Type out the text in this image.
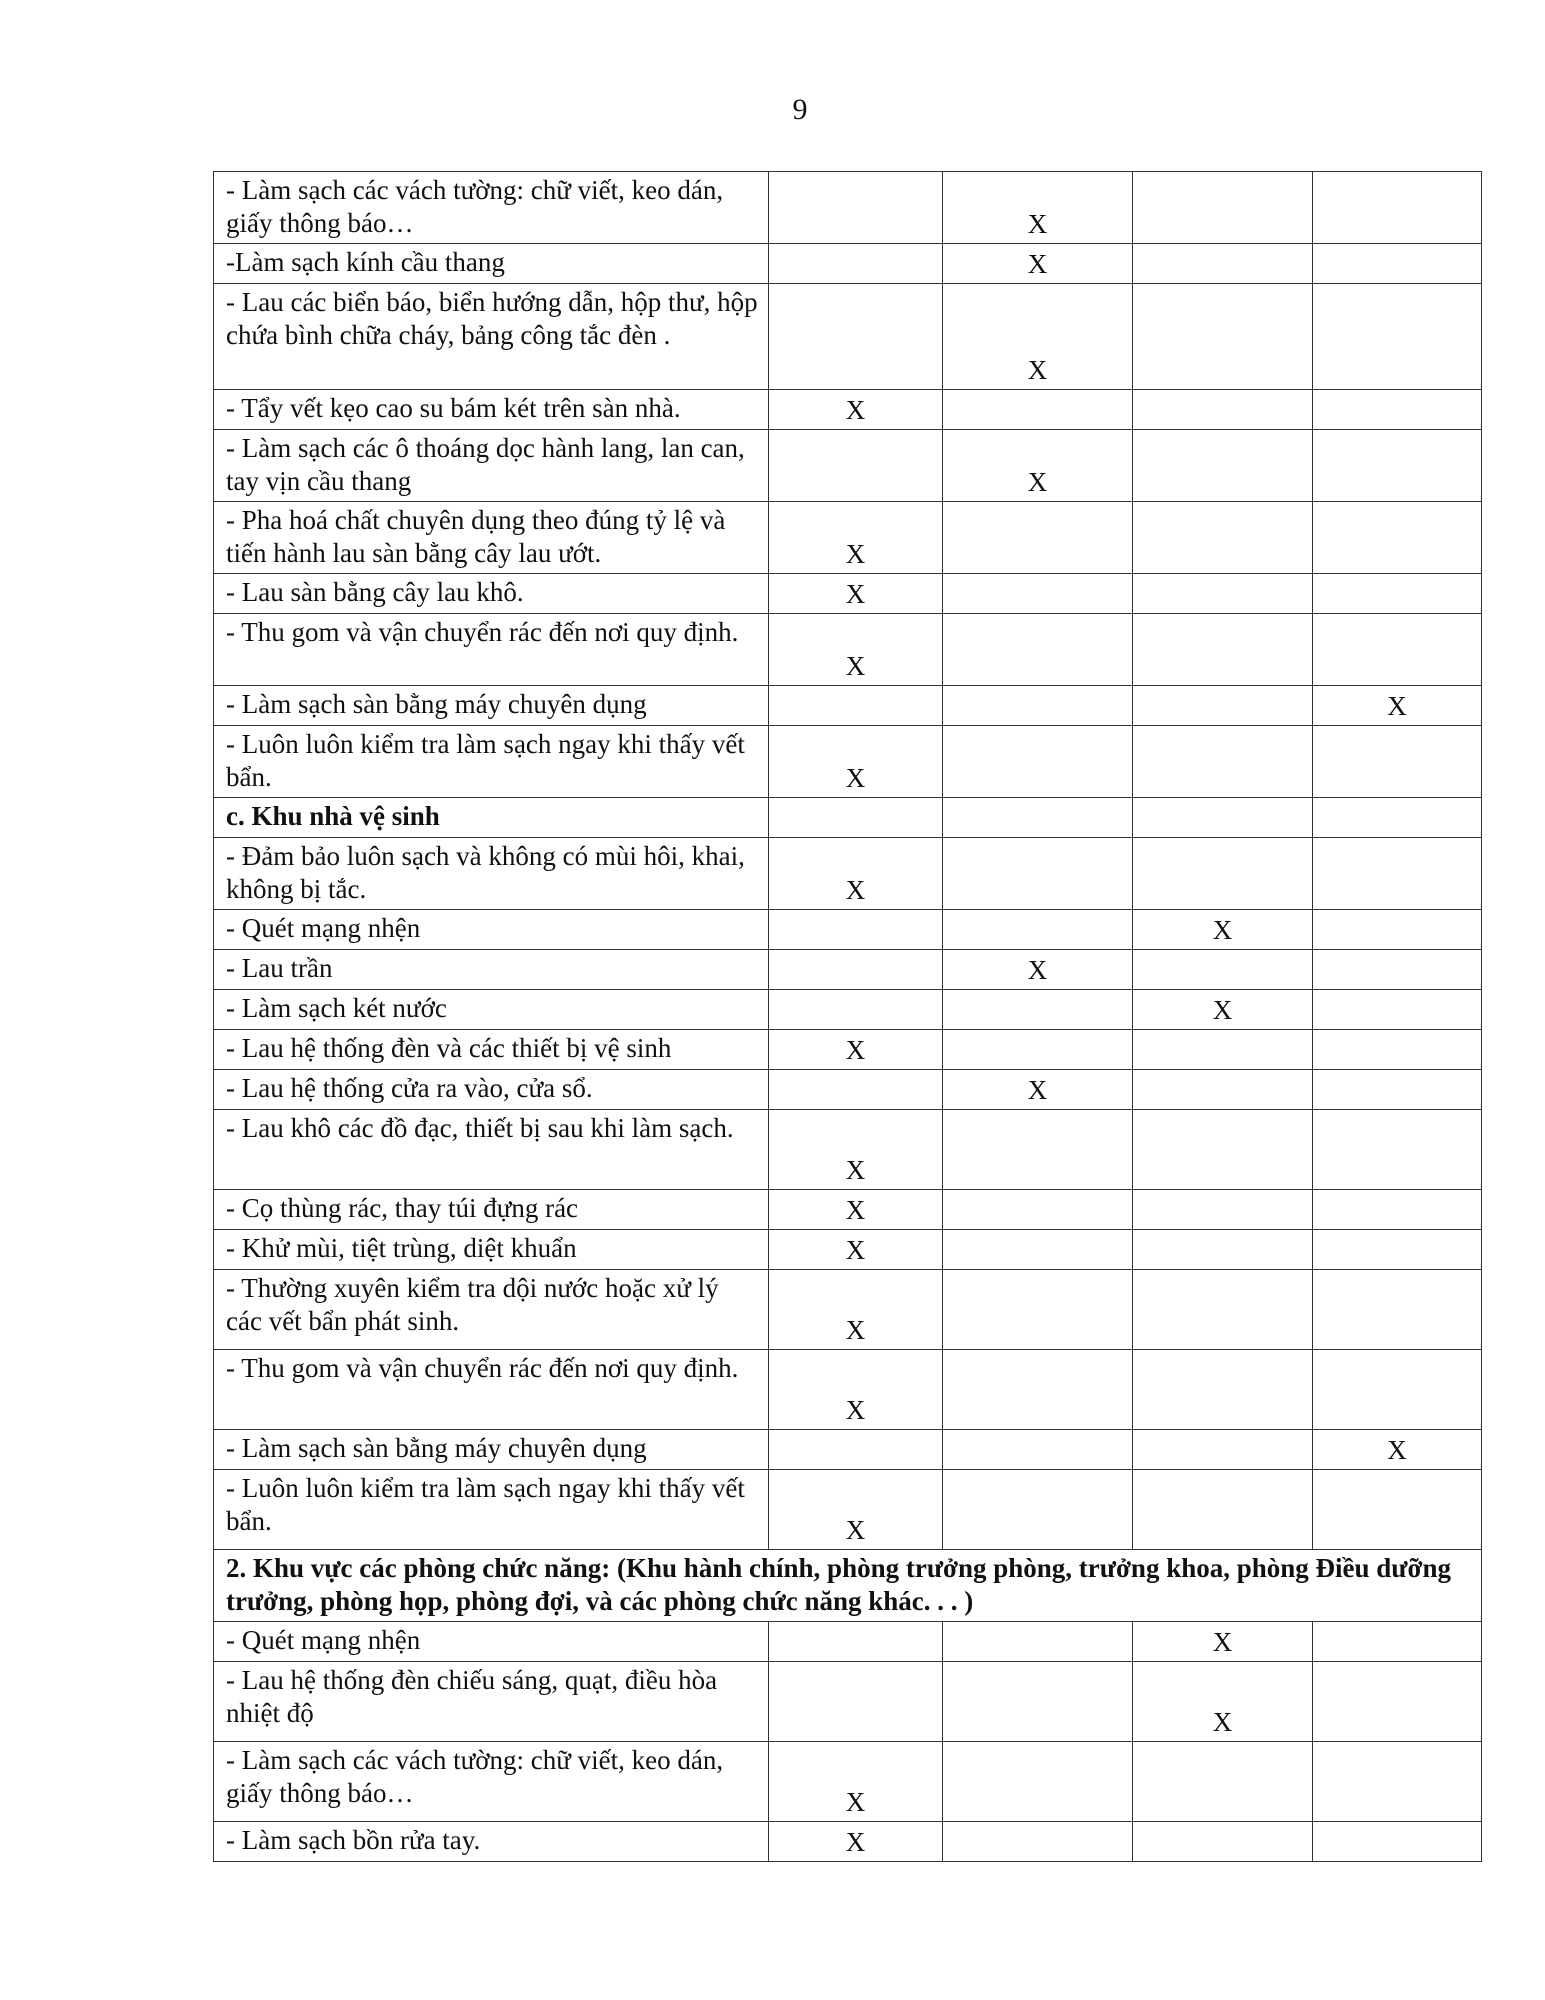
9
- Làm sạch các vách tường: chữ viết, keo dán, giấy thông báo…		X		
-Làm sạch kính cầu thang		X		
- Lau các biển báo, biển hướng dẫn, hộp thư, hộp chứa bình chữa cháy, bảng công tắc đèn .		X		
- Tẩy vết kẹo cao su bám két trên sàn nhà.	X			
- Làm sạch các ô thoáng dọc hành lang, lan can, tay vịn cầu thang		X		
- Pha hoá chất chuyên dụng theo đúng tỷ lệ và tiến hành lau sàn bằng cây lau ướt.	X			
- Lau sàn bằng cây lau khô.	X			
- Thu gom và vận chuyển rác đến nơi quy định.	X			
- Làm sạch sàn bằng máy chuyên dụng				X
- Luôn luôn kiểm tra làm sạch ngay khi thấy vết bẩn.	X			
c. Khu nhà vệ sinh				
- Đảm bảo luôn sạch và không có mùi hôi, khai, không bị tắc.	X			
- Quét mạng nhện			X	
- Lau trần		X		
- Làm sạch két nước			X	
- Lau hệ thống đèn và các thiết bị vệ sinh	X			
- Lau hệ thống cửa ra vào, cửa sổ.		X		
- Lau khô các đồ đạc, thiết bị sau khi làm sạch.	X			
- Cọ thùng rác, thay túi đựng rác	X			
- Khử mùi, tiệt trùng, diệt khuẩn	X			
- Thường xuyên kiểm tra dội nước hoặc xử lý các vết bẩn phát sinh.	X			
- Thu gom và vận chuyển rác đến nơi quy định.	X			
- Làm sạch sàn bằng máy chuyên dụng				X
- Luôn luôn kiểm tra làm sạch ngay khi thấy vết bẩn.	X			
2. Khu vực các phòng chức năng: (Khu hành chính, phòng trưởng phòng, trưởng khoa, phòng Điều dưỡng trưởng, phòng họp, phòng đợi, và các phòng chức năng khác. . . )				
- Quét mạng nhện			X	
- Lau hệ thống đèn chiếu sáng, quạt, điều hòa nhiệt độ			X	
- Làm sạch các vách tường: chữ viết, keo dán, giấy thông báo…	X			
- Làm sạch bồn rửa tay.	X			
